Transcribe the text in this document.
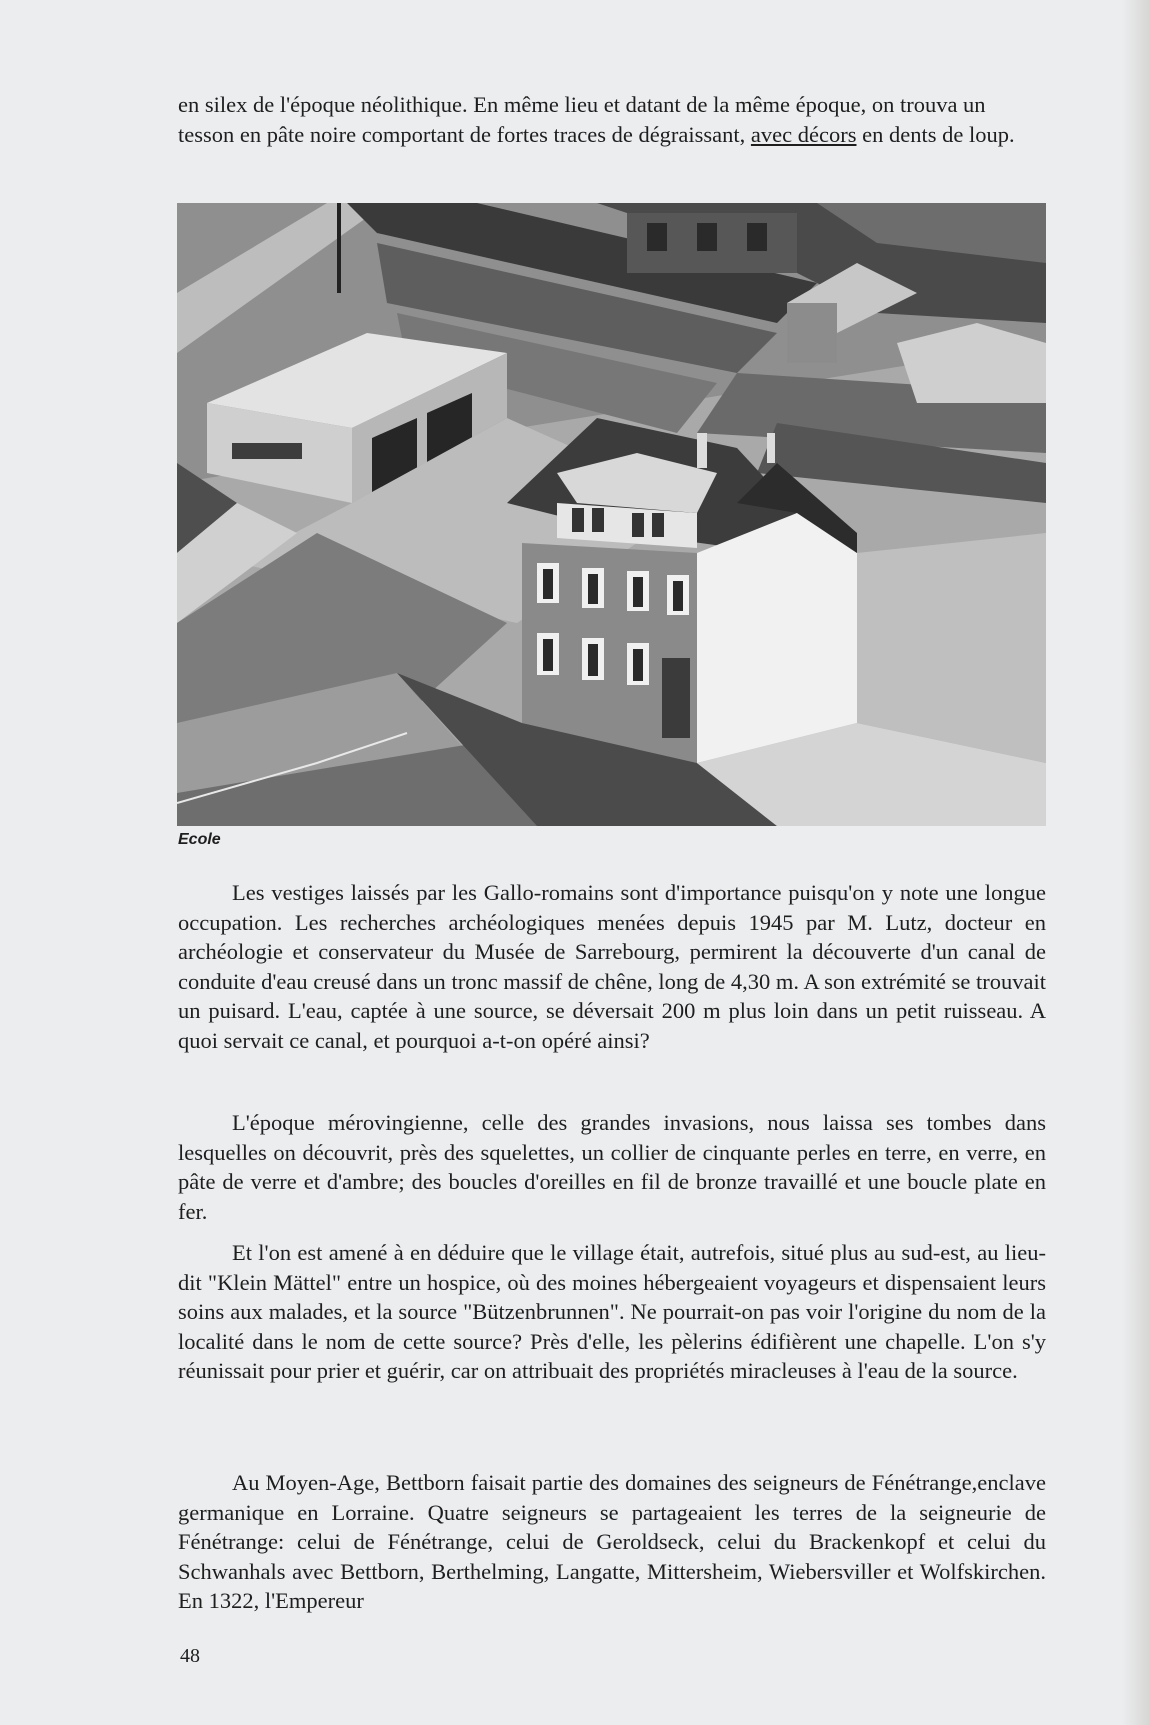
en silex de l'époque néolithique. En même lieu et datant de la même époque, on trouva un tesson en pâte noire comportant de fortes traces de dégraissant, avec décors en dents de loup.

Ecole

Les vestiges laissés par les Gallo-romains sont d'importance puisqu'on y note une longue occupation. Les recherches archéologiques menées depuis 1945 par M. Lutz, docteur en archéologie et conservateur du Musée de Sarrebourg, permirent la découverte d'un canal de conduite d'eau creusé dans un tronc massif de chêne, long de 4,30 m. A son extrémité se trouvait un puisard. L'eau, captée à une source, se déversait 200 m plus loin dans un petit ruisseau. A quoi servait ce canal, et pourquoi a-t-on opéré ainsi?

L'époque mérovingienne, celle des grandes invasions, nous laissa ses tombes dans lesquelles on découvrit, près des squelettes, un collier de cinquante perles en terre, en verre, en pâte de verre et d'ambre; des boucles d'oreilles en fil de bronze travaillé et une boucle plate en fer.

Et l'on est amené à en déduire que le village était, autrefois, situé plus au sud-est, au lieu-dit "Klein Mättel" entre un hospice, où des moines hébergeaient voyageurs et dispensaient leurs soins aux malades, et la source "Bützenbrunnen". Ne pourrait-on pas voir l'origine du nom de la localité dans le nom de cette source? Près d'elle, les pèlerins édifièrent une chapelle. L'on s'y réunissait pour prier et guérir, car on attribuait des propriétés miracleuses à l'eau de la source.

Au Moyen-Age, Bettborn faisait partie des domaines des seigneurs de Fénétrange,enclave germanique en Lorraine. Quatre seigneurs se partageaient les terres de la seigneurie de Fénétrange: celui de Fénétrange, celui de Geroldseck, celui du Brackenkopf et celui du Schwanhals avec Bettborn, Berthelming, Langatte, Mittersheim, Wiebersviller et Wolfskirchen. En 1322, l'Empereur

48
